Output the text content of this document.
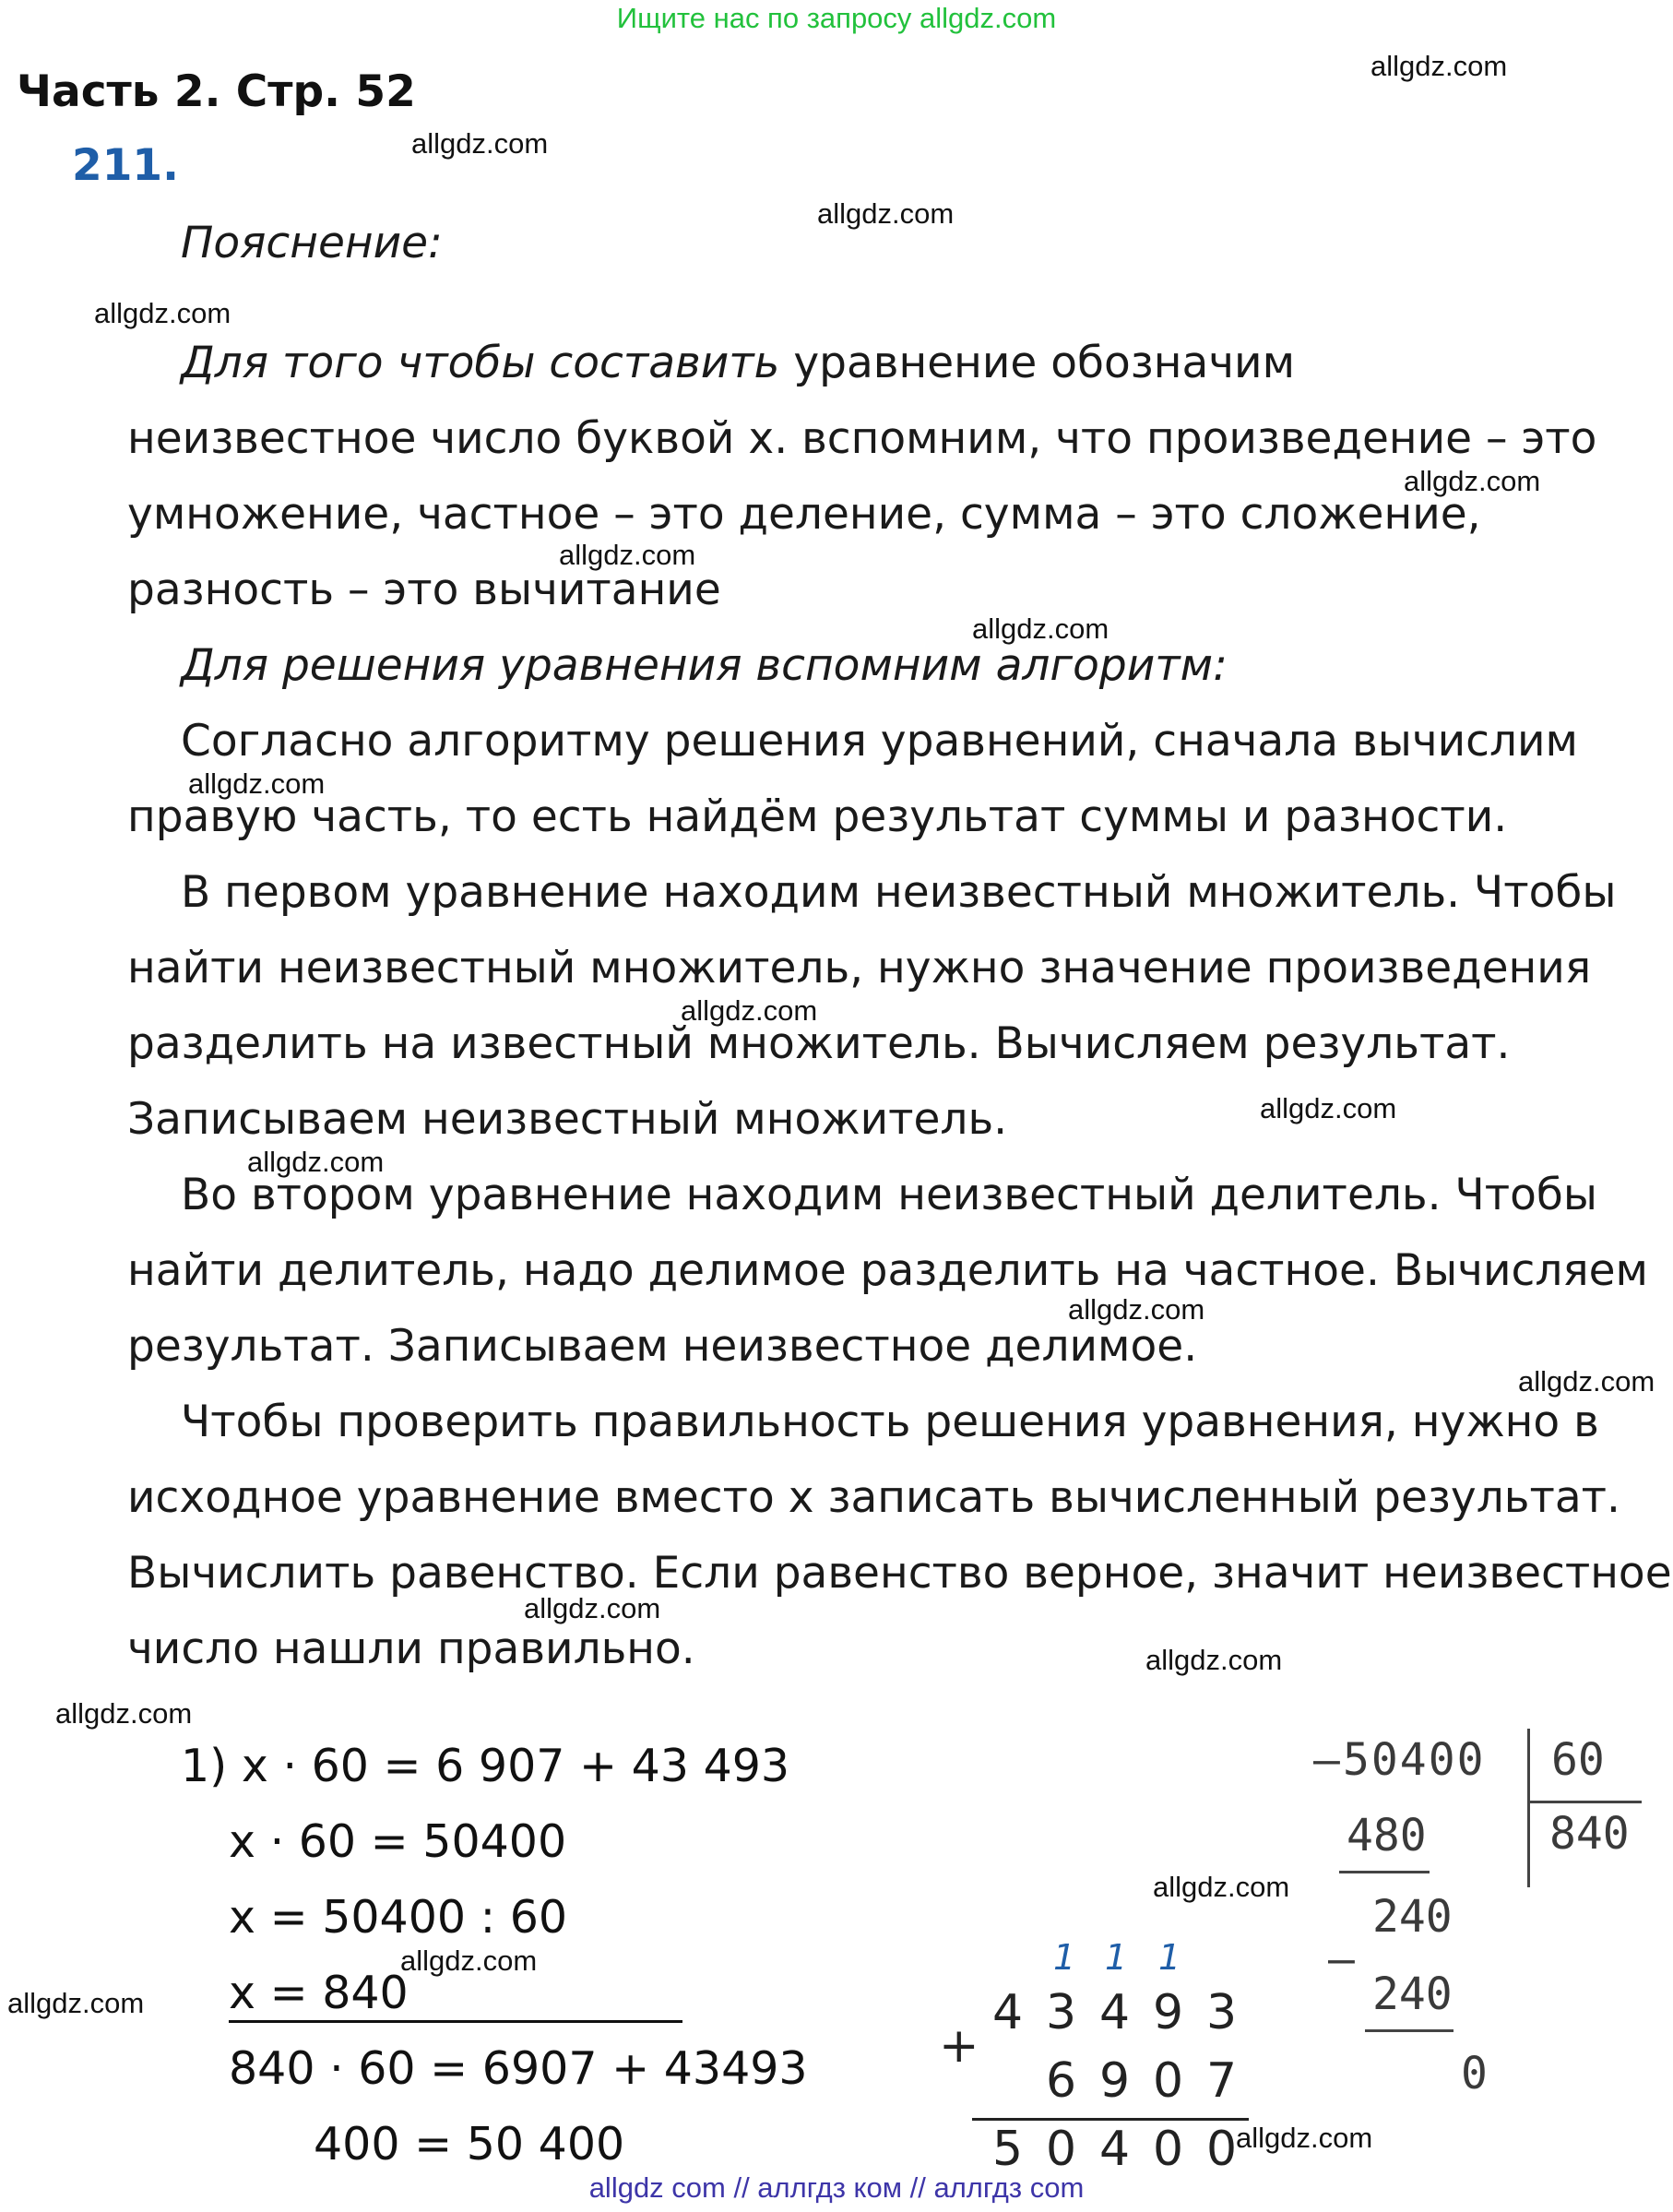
Ищите нас по запросу allgdz.com
Часть 2. Стр. 52
211.
Пояснение:
Для того чтобы составить уравнение обозначим
неизвестное число буквой х. вспомним, что произведение – это
умножение, частное – это деление, сумма – это сложение,
разность – это вычитание
Для решения уравнения вспомним алгоритм:
Согласно алгоритму решения уравнений, сначала вычислим
правую часть, то есть найдём результат суммы и разности.
В первом уравнение находим неизвестный множитель. Чтобы
найти неизвестный множитель, нужно значение произведения
разделить на известный множитель. Вычисляем результат.
Записываем неизвестный множитель.
Во втором уравнение находим неизвестный делитель. Чтобы
найти делитель, надо делимое разделить на частное. Вычисляем
результат. Записываем неизвестное делимое.
Чтобы проверить правильность решения уравнения, нужно в
исходное уравнение вместо х записать вычисленный результат.
Вычислить равенство. Если равенство верное, значит неизвестное
число нашли правильно.
1) х · 60 = 6 907 + 43 493
х · 60 = 50400
х = 50400 : 60
х = 840
840 · 60 = 6907 + 43493
400 = 50 400
1 1 1
+
4 3 4 9 3
6 9 0 7
5 0 4 0 0
– 50400 60
840
480
240
–
240
0
allgdz.com
allgdz.com
allgdz.com
allgdz.com
allgdz.com
allgdz.com
allgdz.com
allgdz.com
allgdz.com
allgdz.com
allgdz.com
allgdz.com
allgdz.com
allgdz.com
allgdz.com
allgdz.com
allgdz.com
allgdz.com
allgdz.com
allgdz.com
allgdz com // аллгдз ком // аллгдз com
